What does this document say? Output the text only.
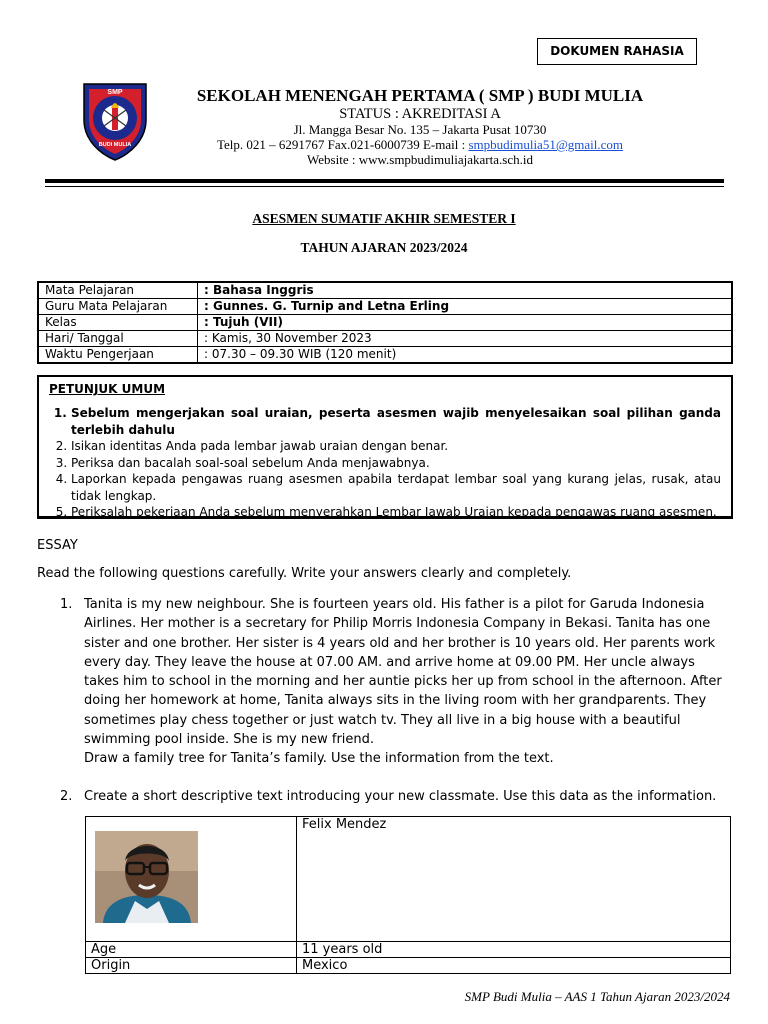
DOKUMEN RAHASIA
SMP
BUDI MULIA
SEKOLAH MENENGAH PERTAMA ( SMP ) BUDI MULIA
STATUS : AKREDITASI A
Jl. Mangga Besar No. 135 – Jakarta Pusat 10730
Telp. 021 – 6291767 Fax.021-6000739 E-mail : smpbudimulia51@gmail.com
Website : www.smpbudimuliajakarta.sch.id
ASESMEN SUMATIF AKHIR SEMESTER I
TAHUN AJARAN 2023/2024
Mata Pelajaran	: Bahasa Inggris
Guru Mata Pelajaran	: Gunnes. G. Turnip and Letna Erling
Kelas	: Tujuh (VII)
Hari/ Tanggal	: Kamis, 30 November 2023
Waktu Pengerjaan	: 07.30 – 09.30 WIB (120 menit)
PETUNJUK UMUM
1. Sebelum mengerjakan soal uraian, peserta asesmen wajib menyelesaikan soal pilihan ganda terlebih dahulu
2. Isikan identitas Anda pada lembar jawab uraian dengan benar.
3. Periksa dan bacalah soal-soal sebelum Anda menjawabnya.
4. Laporkan kepada pengawas ruang asesmen apabila terdapat lembar soal yang kurang jelas, rusak, atau tidak lengkap.
5. Periksalah pekerjaan Anda sebelum menyerahkan Lembar Jawab Uraian kepada pengawas ruang asesmen.
ESSAY
Read the following questions carefully. Write your answers clearly and completely.
1. Tanita is my new neighbour. She is fourteen years old. His father is a pilot for Garuda Indonesia Airlines. Her mother is a secretary for Philip Morris Indonesia Company in Bekasi. Tanita has one sister and one brother. Her sister is 4 years old and her brother is 10 years old. Her parents work every day. They leave the house at 07.00 AM. and arrive home at 09.00 PM. Her uncle always takes him to school in the morning and her auntie picks her up from school in the afternoon. After doing her homework at home, Tanita always sits in the living room with her grandparents. They sometimes play chess together or just watch tv. They all live in a big house with a beautiful swimming pool inside. She is my new friend.
Draw a family tree for Tanita’s family. Use the information from the text.
2. Create a short descriptive text introducing your new classmate. Use this data as the information.
	Felix Mendez
Age	11 years old
Origin	Mexico
SMP Budi Mulia – AAS 1 Tahun Ajaran 2023/2024
